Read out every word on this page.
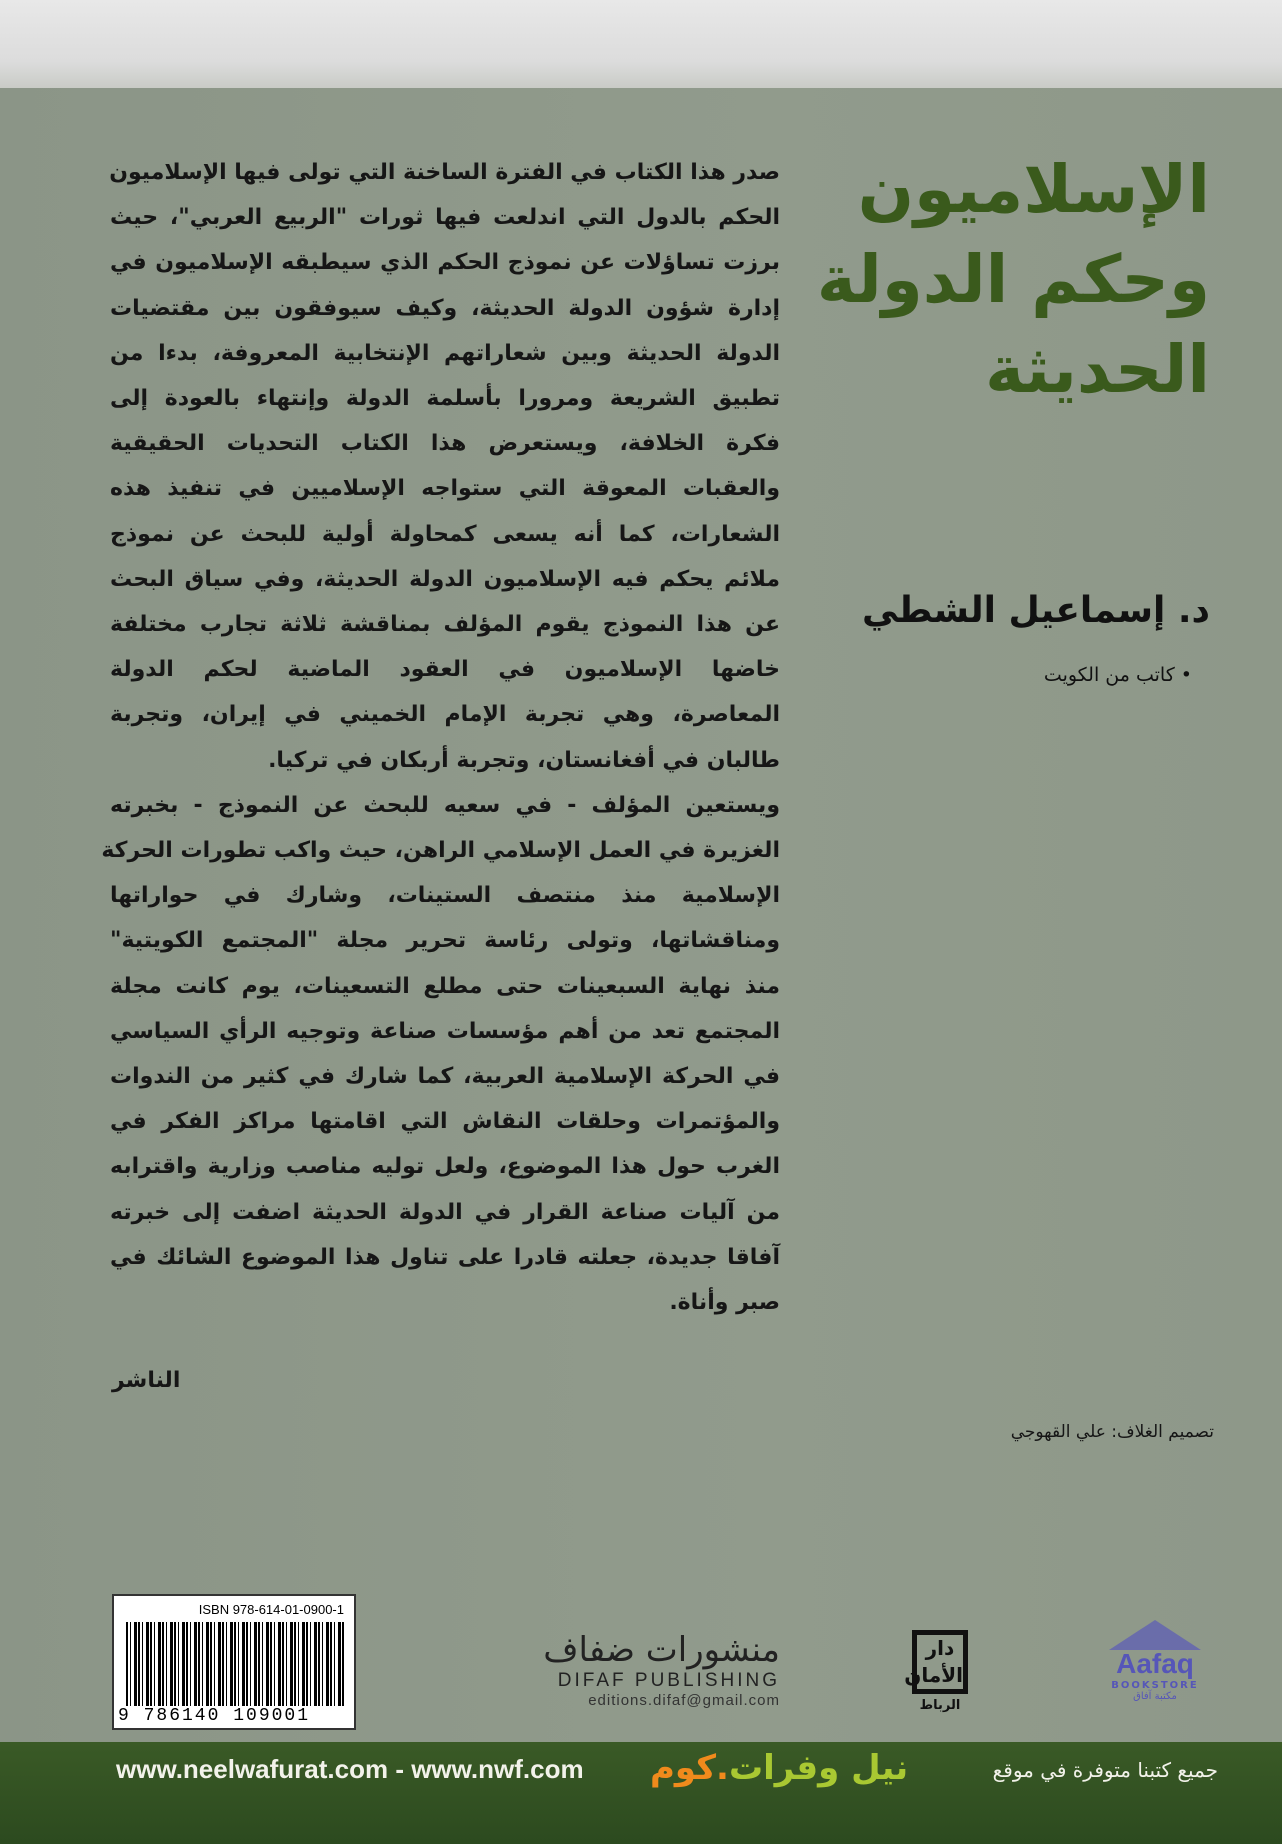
الإسلاميون
وحكم الدولة
الحديثة
د. إسماعيل الشطي
• كاتب من الكويت
صدر هذا الكتاب في الفترة الساخنة التي تولى فيها الإسلاميون
الحكم بالدول التي اندلعت فيها ثورات "الربيع العربي"، حيث
برزت تساؤلات عن نموذج الحكم الذي سيطبقه الإسلاميون في
إدارة شؤون الدولة الحديثة، وكيف سيوفقون بين مقتضيات
الدولة الحديثة وبين شعاراتهم الإنتخابية المعروفة، بدءا من
تطبيق الشريعة ومرورا بأسلمة الدولة وإنتهاء بالعودة إلى
فكرة الخلافة، ويستعرض هذا الكتاب التحديات الحقيقية
والعقبات المعوقة التي ستواجه الإسلاميين في تنفيذ هذه
الشعارات، كما أنه يسعى كمحاولة أولية للبحث عن نموذج
ملائم يحكم فيه الإسلاميون الدولة الحديثة، وفي سياق البحث
عن هذا النموذج يقوم المؤلف بمناقشة ثلاثة تجارب مختلفة
خاضها الإسلاميون في العقود الماضية لحكم الدولة
المعاصرة، وهي تجربة الإمام الخميني في إيران، وتجربة
طالبان في أفغانستان، وتجربة أربكان في تركيا.
ويستعين المؤلف - في سعيه للبحث عن النموذج - بخبرته
الغزيرة في العمل الإسلامي الراهن، حيث واكب تطورات الحركة
الإسلامية منذ منتصف الستينات، وشارك في حواراتها
ومناقشاتها، وتولى رئاسة تحرير مجلة "المجتمع الكويتية"
منذ نهاية السبعينات حتى مطلع التسعينات، يوم كانت مجلة
المجتمع تعد من أهم مؤسسات صناعة وتوجيه الرأي السياسي
في الحركة الإسلامية العربية، كما شارك في كثير من الندوات
والمؤتمرات وحلقات النقاش التي اقامتها مراكز الفكر في
الغرب حول هذا الموضوع، ولعل توليه مناصب وزارية واقترابه
من آليات صناعة القرار في الدولة الحديثة اضفت إلى خبرته
آفاقا جديدة، جعلته قادرا على تناول هذا الموضوع الشائك في
صبر وأناة.
الناشر
تصميم الغلاف: علي القهوجي
ISBN 978-614-01-0900-1
9 786140 109001
منشورات ضفاف
DIFAF PUBLISHING
editions.difaf@gmail.com
دار الأمان
الرباط
Aafaq
BOOKSTORE
مكتبة آفاق
www.neelwafurat.com - www.nwf.com	نيل وفرات.كوم	جميع كتبنا متوفرة في موقع
